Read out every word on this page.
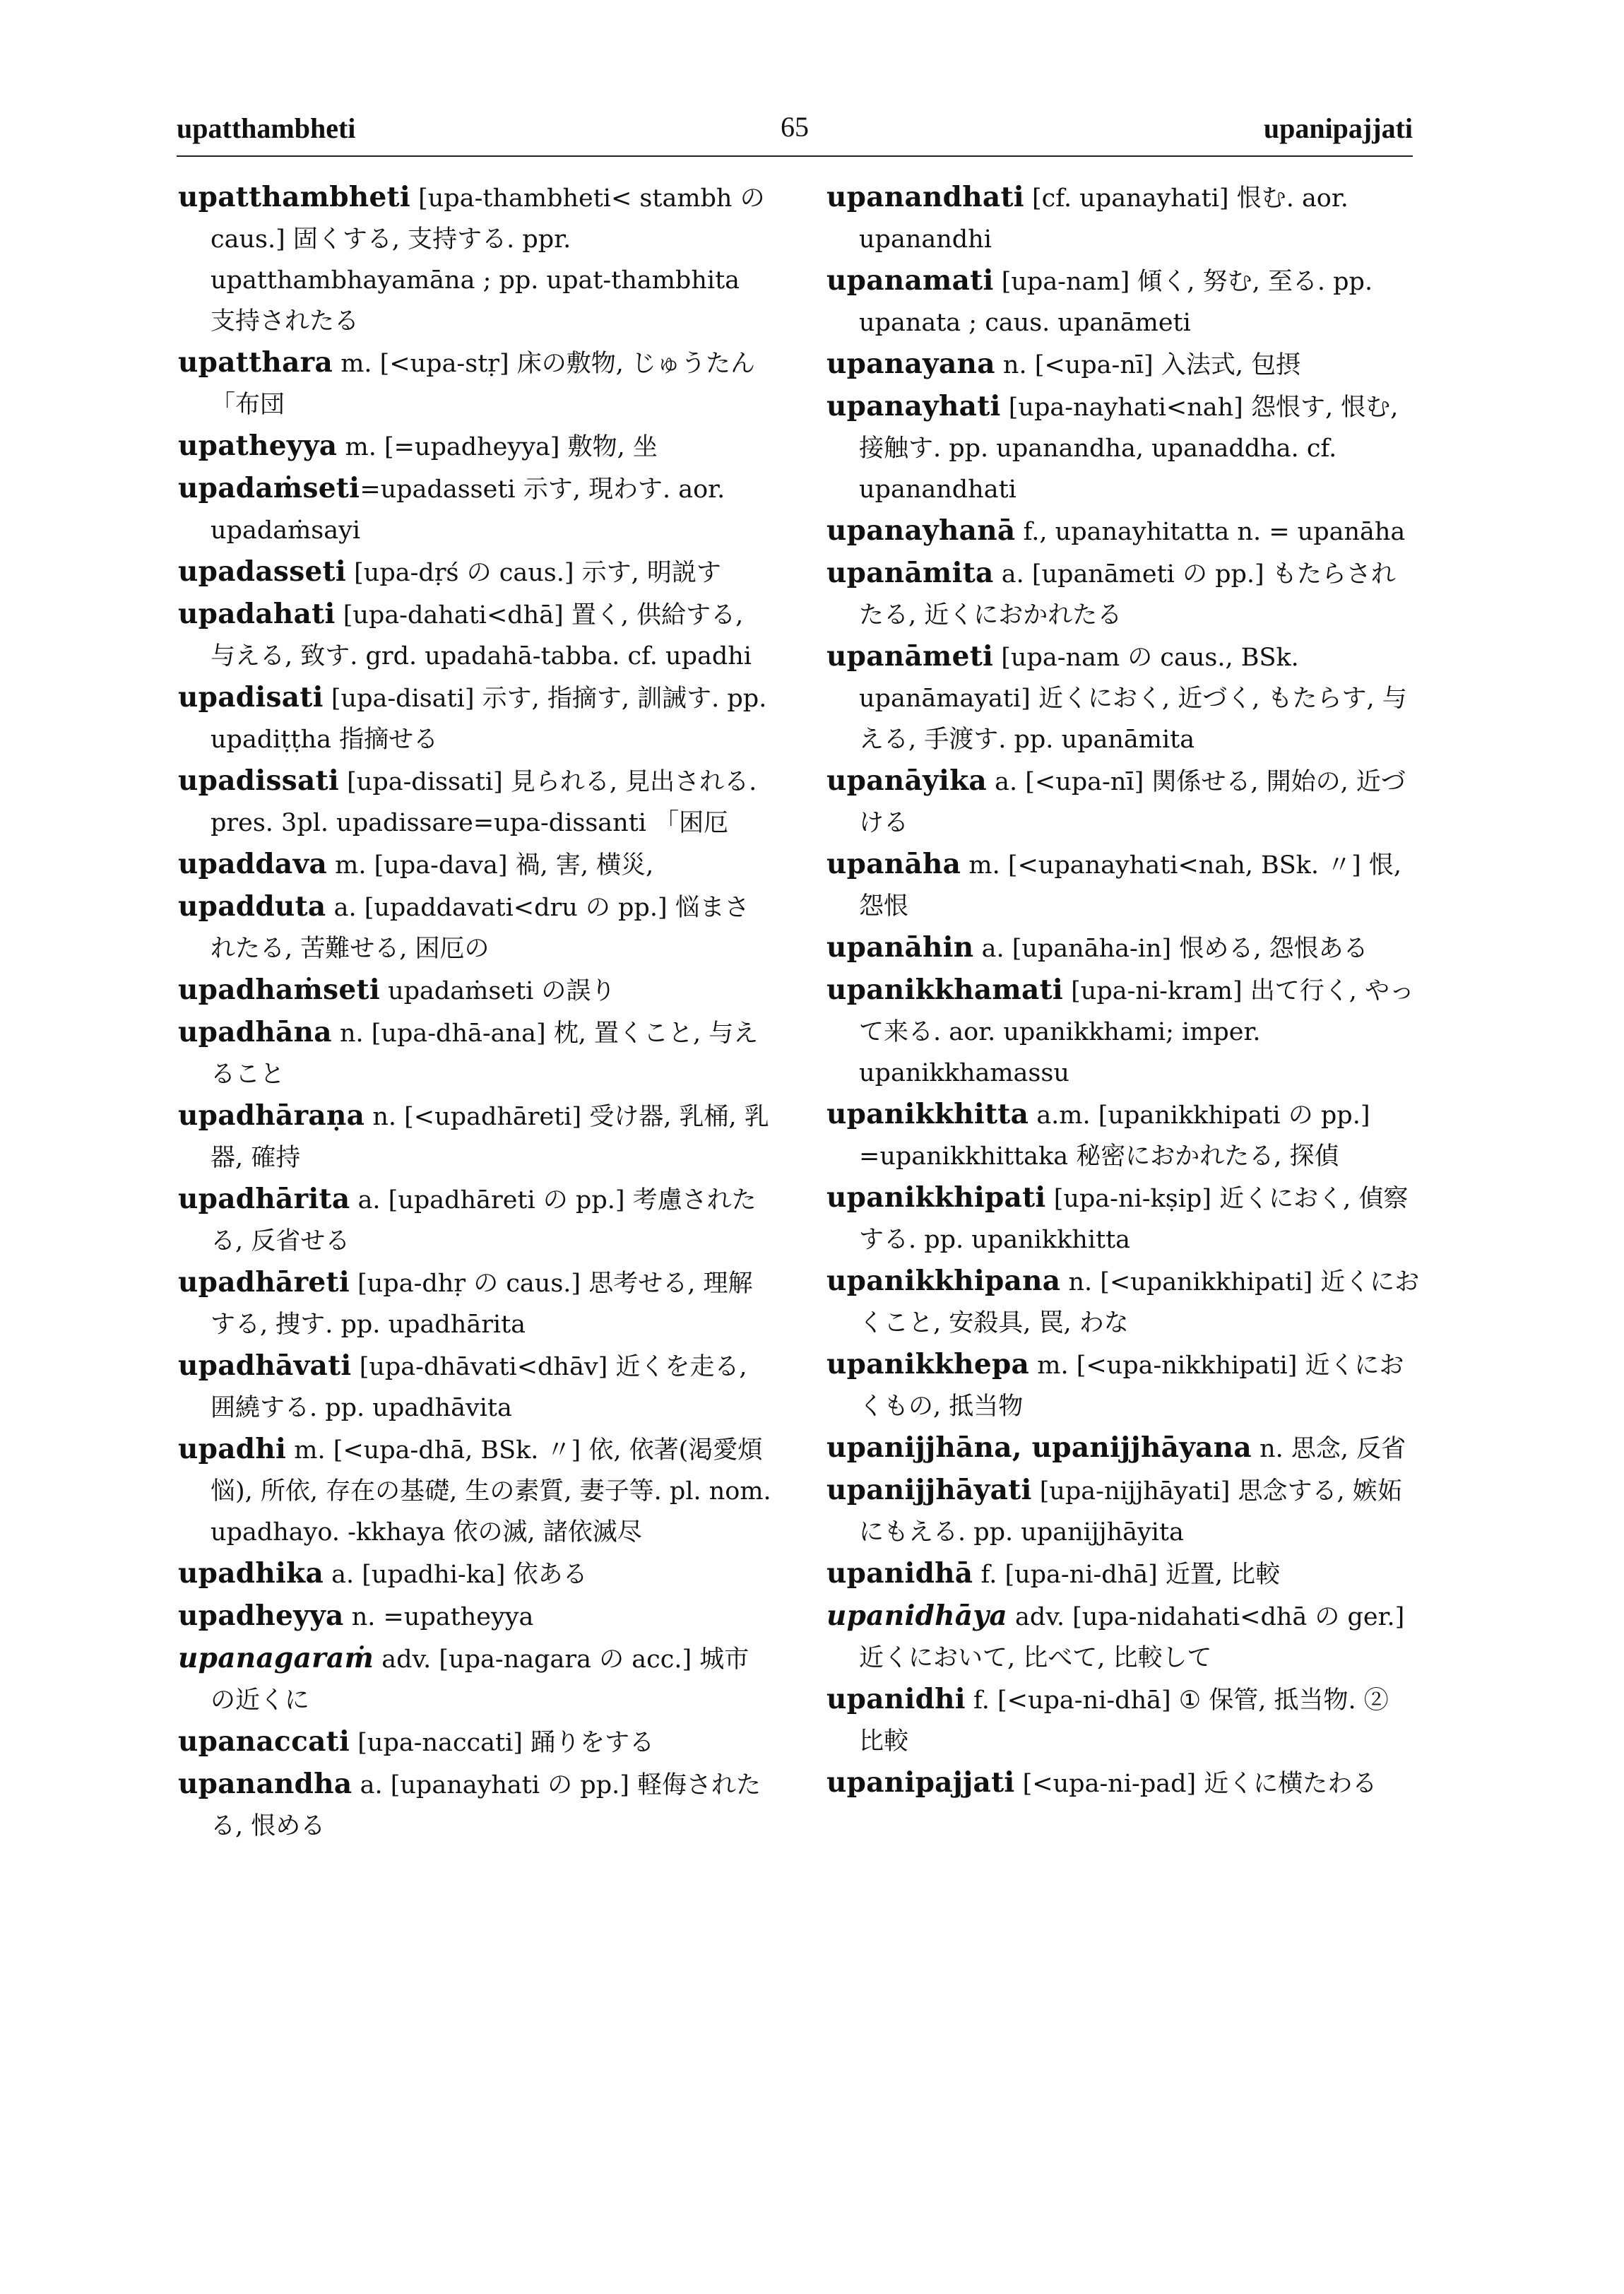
upatthambheti	65	upanipajjati

upatthambheti [upa-thambheti< stambh の caus.] 固くする, 支持する. ppr. upatthambhayamāna ; pp. upat-thambhita 支持されたる

upatthara m. [<upa-stṛ] 床の敷物, じゅうたん 「布団

upatheyya m. [=upadheyya] 敷物, 坐

upadaṁseti=upadasseti 示す, 現わす. aor. upadaṁsayi

upadasseti [upa-dṛś の caus.] 示す, 明説す

upadahati [upa-dahati<dhā] 置く, 供給する, 与える, 致す. grd. upadahā-tabba. cf. upadhi

upadisati [upa-disati] 示す, 指摘す, 訓誡す. pp. upadiṭṭha 指摘せる

upadissati [upa-dissati] 見られる, 見出される. pres. 3pl. upadissare=upa-dissanti 「困厄

upaddava m. [upa-dava] 禍, 害, 横災,

upadduta a. [upaddavati<dru の pp.] 悩まされたる, 苦難せる, 困厄の

upadhaṁseti upadaṁseti の誤り

upadhāna n. [upa-dhā-ana] 枕, 置くこと, 与えること

upadhāraṇa n. [<upadhāreti] 受け器, 乳桶, 乳器, 確持

upadhārita a. [upadhāreti の pp.] 考慮されたる, 反省せる

upadhāreti [upa-dhṛ の caus.] 思考せる, 理解する, 捜す. pp. upadhārita

upadhāvati [upa-dhāvati<dhāv] 近くを走る, 囲繞する. pp. upadhāvita

upadhi m. [<upa-dhā, BSk. 〃] 依, 依著(渇愛煩悩), 所依, 存在の基礎, 生の素質, 妻子等. pl. nom. upadhayo. -kkhaya 依の滅, 諸依滅尽

upadhika a. [upadhi-ka] 依ある

upadheyya n. =upatheyya

upanagaraṁ adv. [upa-nagara の acc.] 城市の近くに

upanaccati [upa-naccati] 踊りをする

upanandha a. [upanayhati の pp.] 軽侮されたる, 恨める

upanandhati [cf. upanayhati] 恨む. aor. upanandhi

upanamati [upa-nam] 傾く, 努む, 至る. pp. upanata ; caus. upanāmeti

upanayana n. [<upa-nī] 入法式, 包摂

upanayhati [upa-nayhati<nah] 怨恨す, 恨む, 接触す. pp. upanandha, upanaddha. cf. upanandhati

upanayhanā f., upanayhitatta n. = upanāha

upanāmita a. [upanāmeti の pp.] もたらされたる, 近くにおかれたる

upanāmeti [upa-nam の caus., BSk. upanāmayati] 近くにおく, 近づく, もたらす, 与える, 手渡す. pp. upanāmita

upanāyika a. [<upa-nī] 関係せる, 開始の, 近づける

upanāha m. [<upanayhati<nah, BSk. 〃] 恨, 怨恨

upanāhin a. [upanāha-in] 恨める, 怨恨ある

upanikkhamati [upa-ni-kram] 出て行く, やって来る. aor. upanikkhami; imper. upanikkhamassu

upanikkhitta a.m. [upanikkhipati の pp.] =upanikkhittaka 秘密におかれたる, 探偵

upanikkhipati [upa-ni-kṣip] 近くにおく, 偵察する. pp. upanikkhitta

upanikkhipana n. [<upanikkhipati] 近くにおくこと, 安殺具, 罠, わな

upanikkhepa m. [<upa-nikkhipati] 近くにおくもの, 抵当物

upanijjhāna, upanijjhāyana n. 思念, 反省

upanijjhāyati [upa-nijjhāyati] 思念する, 嫉妬にもえる. pp. upanijjhāyita

upanidhā f. [upa-ni-dhā] 近置, 比較

upanidhāya adv. [upa-nidahati<dhā の ger.] 近くにおいて, 比べて, 比較して

upanidhi f. [<upa-ni-dhā] ① 保管, 抵当物. ② 比較

upanipajjati [<upa-ni-pad] 近くに横たわる
